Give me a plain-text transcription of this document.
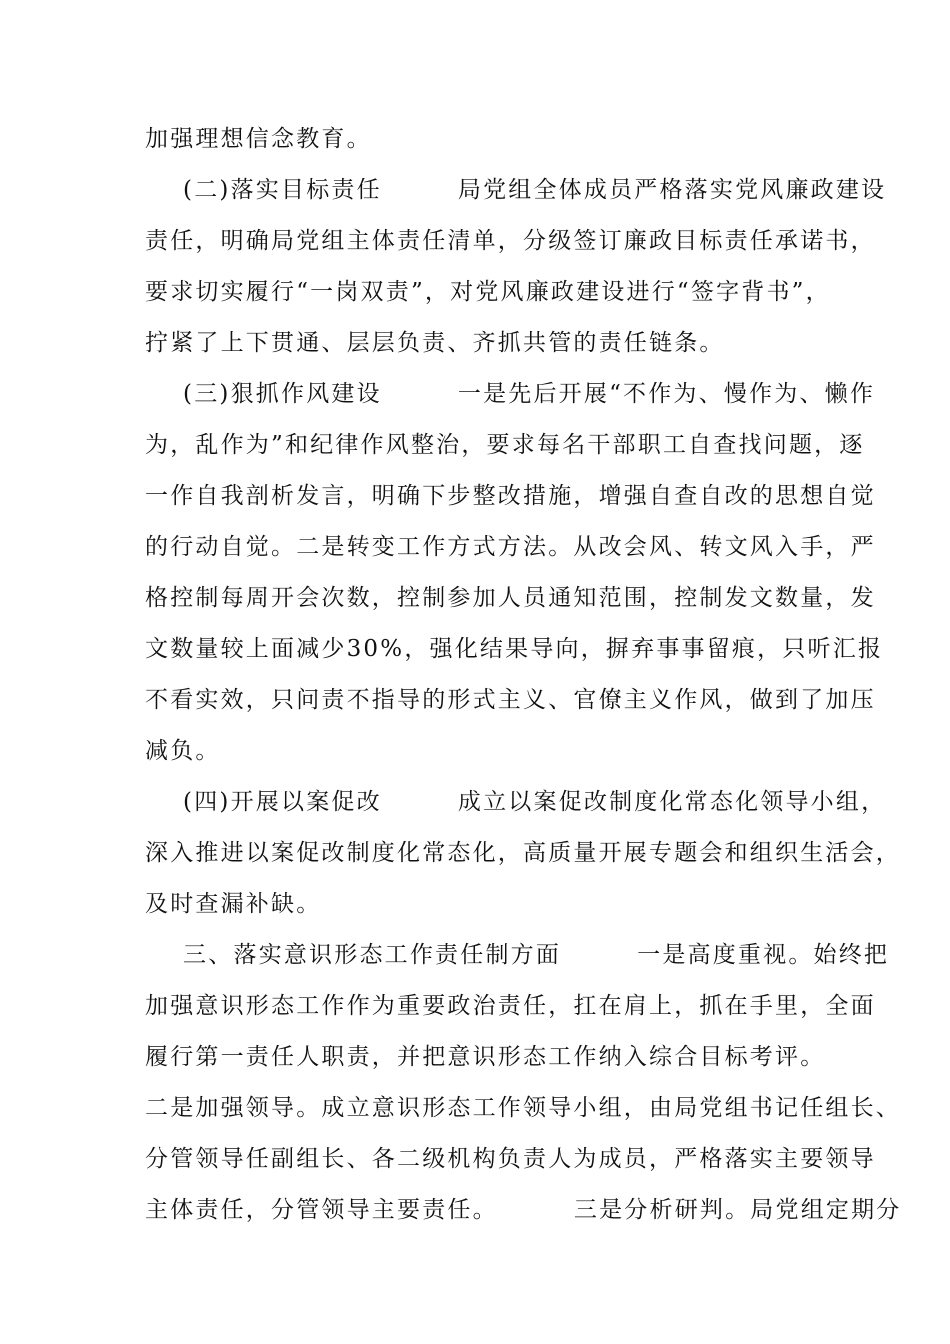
加强理想信念教育。
(二)落实目标责任        局党组全体成员严格落实党风廉政建设
责任，明确局党组主体责任清单，分级签订廉政目标责任承诺书，
要求切实履行“一岗双责”，对党风廉政建设进行“签字背书”，
拧紧了上下贯通、层层负责、齐抓共管的责任链条。
(三)狠抓作风建设        一是先后开展“不作为、慢作为、懒作
为，乱作为”和纪律作风整治，要求每名干部职工自查找问题，逐
一作自我剖析发言，明确下步整改措施，增强自查自改的思想自觉
的行动自觉。二是转变工作方式方法。从改会风、转文风入手，严
格控制每周开会次数，控制参加人员通知范围，控制发文数量，发
文数量较上面减少30%，强化结果导向，摒弃事事留痕，只听汇报
不看实效，只问责不指导的形式主义、官僚主义作风，做到了加压
减负。
(四)开展以案促改        成立以案促改制度化常态化领导小组，
深入推进以案促改制度化常态化，高质量开展专题会和组织生活会，
及时查漏补缺。
三、落实意识形态工作责任制方面        一是高度重视。始终把
加强意识形态工作作为重要政治责任，扛在肩上，抓在手里，全面
履行第一责任人职责，并把意识形态工作纳入综合目标考评。
二是加强领导。成立意识形态工作领导小组，由局党组书记任组长、
分管领导任副组长、各二级机构负责人为成员，严格落实主要领导
主体责任，分管领导主要责任。        三是分析研判。局党组定期分
